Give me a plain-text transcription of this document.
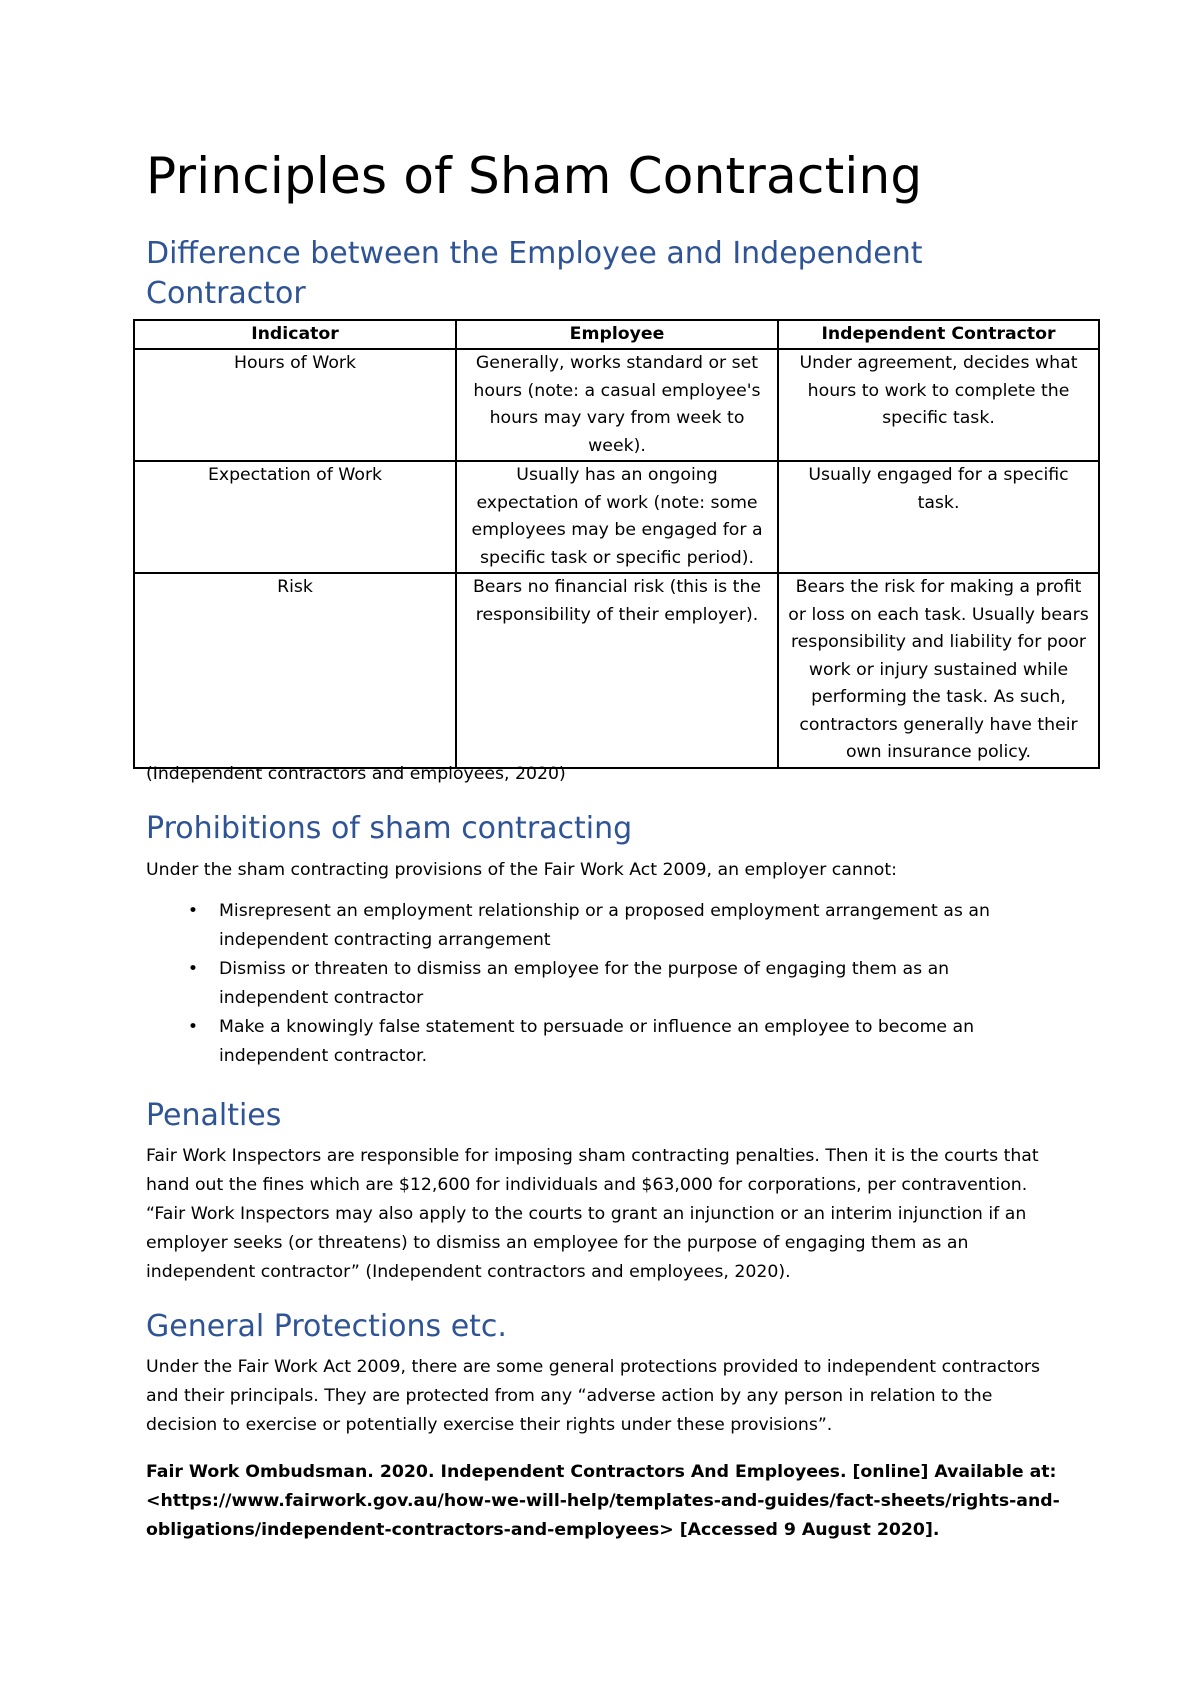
Principles of Sham Contracting
Difference between the Employee and Independent Contractor
Indicator	Employee	Independent Contractor
Hours of Work	Generally, works standard or set hours (note: a casual employee's hours may vary from week to week).	Under agreement, decides what hours to work to complete the specific task.
Expectation of Work	Usually has an ongoing expectation of work (note: some employees may be engaged for a specific task or specific period).	Usually engaged for a specific task.
Risk	Bears no financial risk (this is the responsibility of their employer).	Bears the risk for making a profit or loss on each task. Usually bears responsibility and liability for poor work or injury sustained while performing the task. As such, contractors generally have their own insurance policy.

(Independent contractors and employees, 2020)

Prohibitions of sham contracting

Under the sham contracting provisions of the Fair Work Act 2009, an employer cannot:

• Misrepresent an employment relationship or a proposed employment arrangement as an independent contracting arrangement
• Dismiss or threaten to dismiss an employee for the purpose of engaging them as an independent contractor
• Make a knowingly false statement to persuade or influence an employee to become an independent contractor.
Penalties

Fair Work Inspectors are responsible for imposing sham contracting penalties. Then it is the courts that hand out the fines which are $12,600 for individuals and $63,000 for corporations, per contravention. “Fair Work Inspectors may also apply to the courts to grant an injunction or an interim injunction if an employer seeks (or threatens) to dismiss an employee for the purpose of engaging them as an independent contractor” (Independent contractors and employees, 2020).

General Protections etc.

Under the Fair Work Act 2009, there are some general protections provided to independent contractors and their principals. They are protected from any “adverse action by any person in relation to the decision to exercise or potentially exercise their rights under these provisions”.

Fair Work Ombudsman. 2020. Independent Contractors And Employees. [online] Available at:

<https://www.fairwork.gov.au/how-we-will-help/templates-and-guides/fact-sheets/rights-and-

obligations/independent-contractors-and-employees> [Accessed 9 August 2020].
